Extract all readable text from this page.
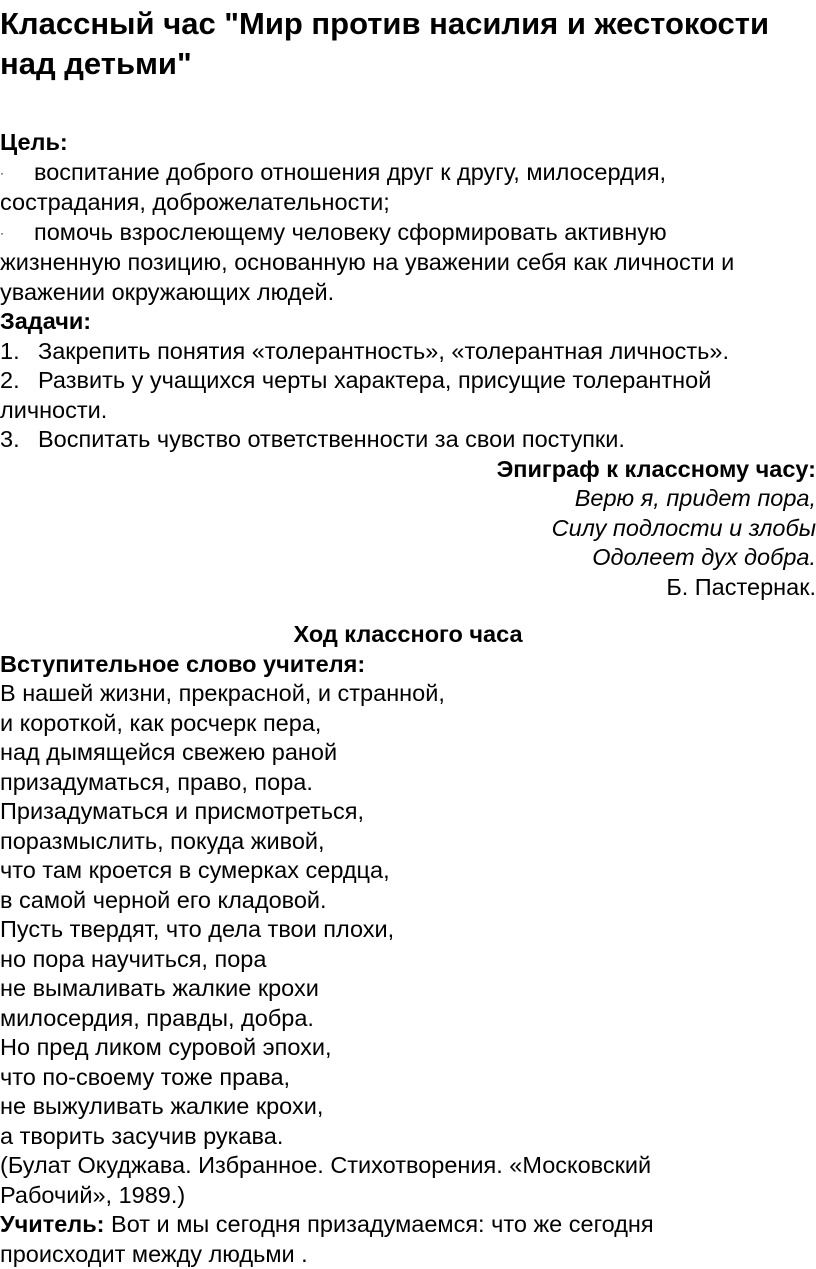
Классный час "Мир против насилия и жестокости
над детьми"
Цель:
· воспитание доброго отношения друг к другу, милосердия,
сострадания, доброжелательности;
· помочь взрослеющему человеку сформировать активную
жизненную позицию, основанную на уважении себя как личности и
уважении окружающих людей.
Задачи:
1. Закрепить понятия «толерантность», «толерантная личность».
2. Развить у учащихся черты характера, присущие толерантной
личности.
3. Воспитать чувство ответственности за свои поступки.
Эпиграф к классному часу:
Верю я, придет пора,
Силу подлости и злобы
Одолеет дух добра.
Б. Пастернак.
Ход классного часа
Вступительное слово учителя:
В нашей жизни, прекрасной, и странной,
и короткой, как росчерк пера,
над дымящейся свежею раной
призадуматься, право, пора.
Призадуматься и присмотреться,
поразмыслить, покуда живой,
что там кроется в сумерках сердца,
в самой черной его кладовой.
Пусть твердят, что дела твои плохи,
но пора научиться, пора
не вымаливать жалкие крохи
милосердия, правды, добра.
Но пред ликом суровой эпохи,
что по-своему тоже права,
не выжуливать жалкие крохи,
а творить засучив рукава.
(Булат Окуджава. Избранное. Стихотворения. «Московский
Рабочий», 1989.)
Учитель: Вот и мы сегодня призадумаемся: что же сегодня
происходит между людьми .
